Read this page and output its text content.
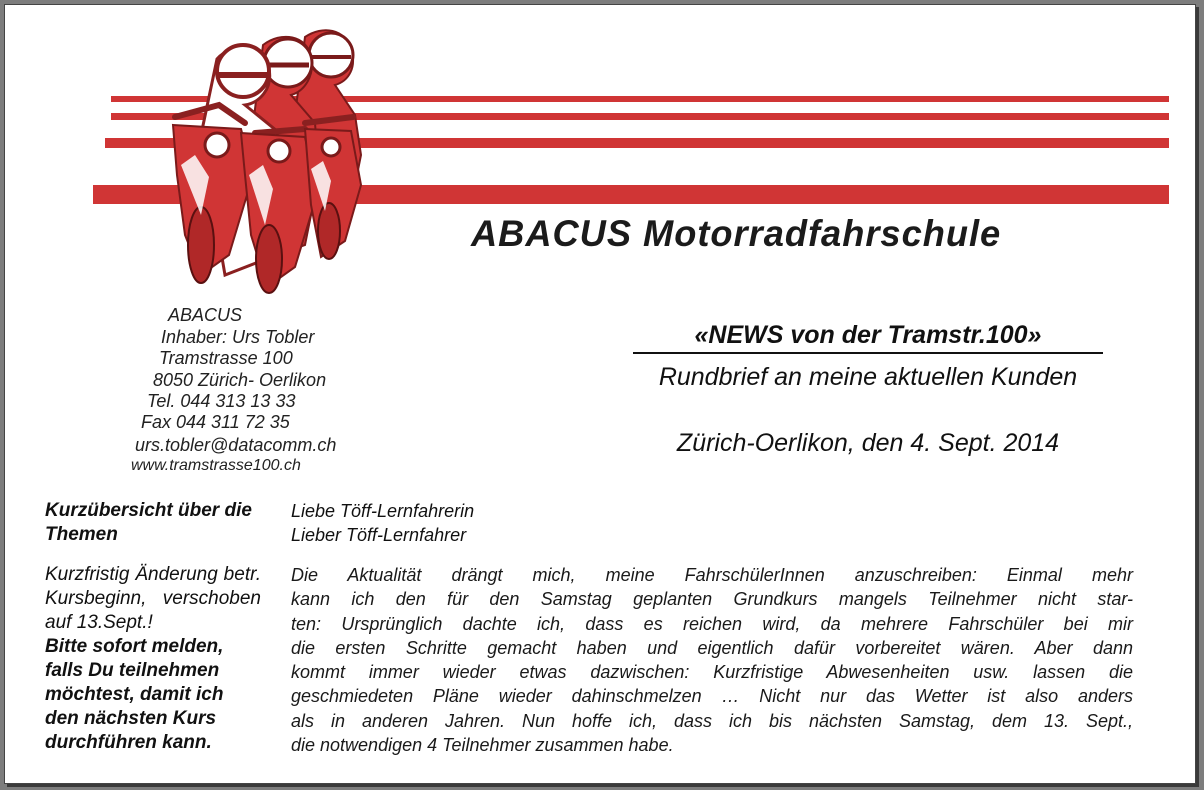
ABACUS Motorradfahrschule
ABACUS
Inhaber: Urs Tobler
Tramstrasse 100
8050 Zürich- Oerlikon
Tel. 044 313 13 33
Fax 044 311 72 35
urs.tobler@datacomm.ch
www.tramstrasse100.ch
«NEWS von der Tramstr.100»
Rundbrief an meine aktuellen Kunden
Zürich-Oerlikon, den 4. Sept. 2014
Kurzübersicht über die Themen
Kurzfristig Änderung betr. Kursbeginn, verschoben auf 13.Sept.!
Bitte sofort melden, falls Du teilnehmen möchtest, damit ich den nächsten Kurs durchführen kann.
Liebe Töff-Lernfahrerin
Lieber Töff-Lernfahrer
Die Aktualität drängt mich, meine FahrschülerInnen anzuschreiben: Einmal mehr
kann ich den für den Samstag geplanten Grundkurs mangels Teilnehmer nicht star-
ten: Ursprünglich dachte ich, dass es reichen wird, da mehrere Fahrschüler bei mir
die ersten Schritte gemacht haben und eigentlich dafür vorbereitet wären. Aber dann
kommt immer wieder etwas dazwischen: Kurzfristige Abwesenheiten usw. lassen die
geschmiedeten Pläne wieder dahinschmelzen … Nicht nur das Wetter ist also anders
als in anderen Jahren. Nun hoffe ich, dass ich bis nächsten Samstag, dem 13. Sept.,
die notwendigen 4 Teilnehmer zusammen habe.
